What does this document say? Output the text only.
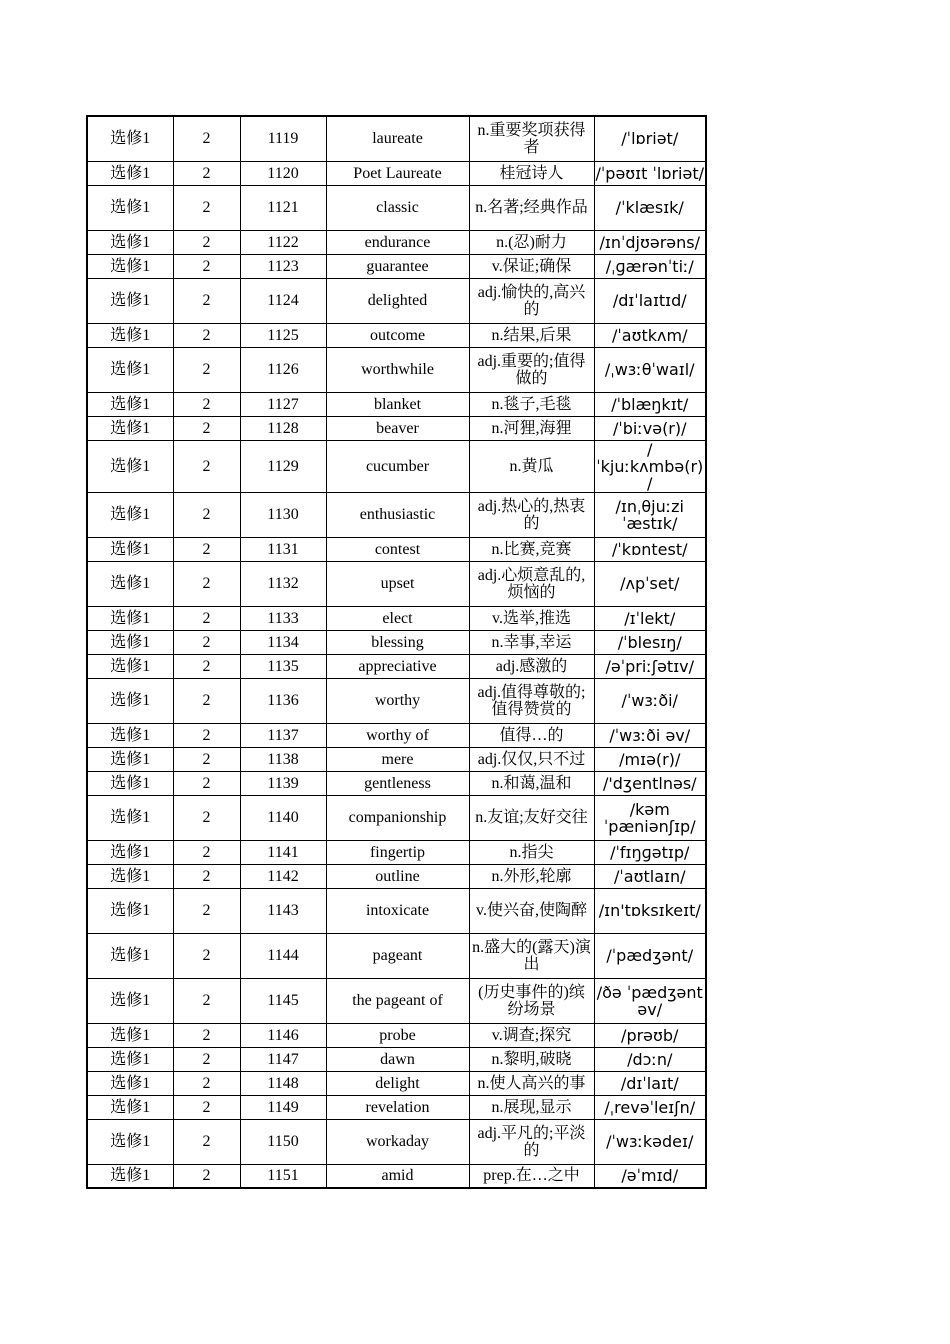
选修1	2	1119	laureate	n.重要奖项获得者	/ˈlɒriət/
选修1	2	1120	Poet Laureate	桂冠诗人	/ˈpəʊɪt ˈlɒriət/
选修1	2	1121	classic	n.名著;经典作品	/ˈklæsɪk/
选修1	2	1122	endurance	n.(忍)耐力	/ɪnˈdjʊərəns/
选修1	2	1123	guarantee	v.保证;确保	/ˌɡærənˈtiː/
选修1	2	1124	delighted	adj.愉快的,高兴的	/dɪˈlaɪtɪd/
选修1	2	1125	outcome	n.结果,后果	/ˈaʊtkʌm/
选修1	2	1126	worthwhile	adj.重要的;值得做的	/ˌwɜːθˈwaɪl/
选修1	2	1127	blanket	n.毯子,毛毯	/ˈblæŋkɪt/
选修1	2	1128	beaver	n.河狸,海狸	/ˈbiːvə(r)/
选修1	2	1129	cucumber	n.黄瓜	/ ˈkjuːkʌmbə(r)/
选修1	2	1130	enthusiastic	adj.热心的,热衷的	/ɪnˌθjuːzi ˈæstɪk/
选修1	2	1131	contest	n.比赛,竞赛	/ˈkɒntest/
选修1	2	1132	upset	adj.心烦意乱的,烦恼的	/ʌpˈset/
选修1	2	1133	elect	v.选举,推选	/ɪˈlekt/
选修1	2	1134	blessing	n.幸事,幸运	/ˈblesɪŋ/
选修1	2	1135	appreciative	adj.感激的	/əˈpriːʃətɪv/
选修1	2	1136	worthy	adj.值得尊敬的;值得赞赏的	/ˈwɜːði/
选修1	2	1137	worthy of	值得…的	/ˈwɜːði əv/
选修1	2	1138	mere	adj.仅仅,只不过	/mɪə(r)/
选修1	2	1139	gentleness	n.和蔼,温和	/'dʒentlnəs/
选修1	2	1140	companionship	n.友谊;友好交往	/kəm ˈpæniənʃɪp/
选修1	2	1141	fingertip	n.指尖	/ˈfɪŋɡətɪp/
选修1	2	1142	outline	n.外形,轮廓	/ˈaʊtlaɪn/
选修1	2	1143	intoxicate	v.使兴奋,使陶醉	/ɪn'tɒksɪkeɪt/
选修1	2	1144	pageant	n.盛大的(露天)演出	/ˈpædʒənt/
选修1	2	1145	the pageant of	(历史事件的)缤纷场景	/ðə ˈpædʒənt əv/
选修1	2	1146	probe	v.调查;探究	/prəʊb/
选修1	2	1147	dawn	n.黎明,破晓	/dɔːn/
选修1	2	1148	delight	n.使人高兴的事	/dɪˈlaɪt/
选修1	2	1149	revelation	n.展现,显示	/ˌrevəˈleɪʃn/
选修1	2	1150	workaday	adj.平凡的;平淡的	/ˈwɜːkədeɪ/
选修1	2	1151	amid	prep.在…之中	/əˈmɪd/
